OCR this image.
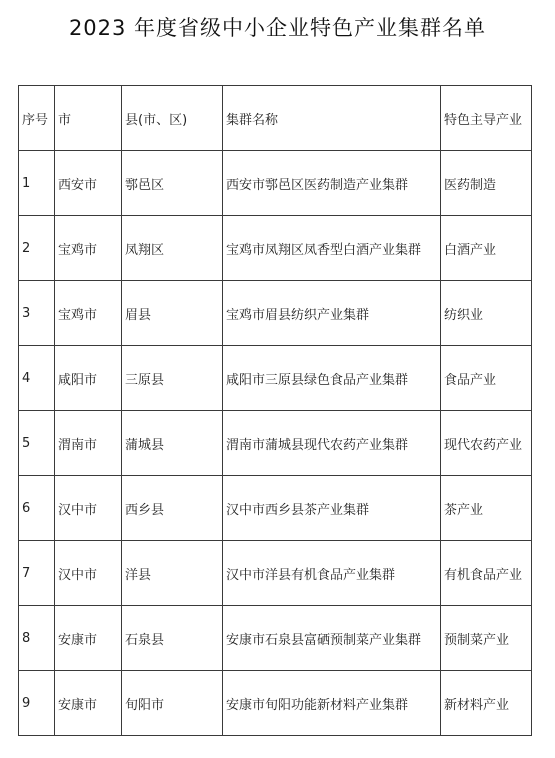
2023 年度省级中小企业特色产业集群名单
序号	市	县(市、区)	集群名称	特色主导产业
1	西安市	鄠邑区	西安市鄠邑区医药制造产业集群	医药制造
2	宝鸡市	凤翔区	宝鸡市凤翔区凤香型白酒产业集群	白酒产业
3	宝鸡市	眉县	宝鸡市眉县纺织产业集群	纺织业
4	咸阳市	三原县	咸阳市三原县绿色食品产业集群	食品产业
5	渭南市	蒲城县	渭南市蒲城县现代农药产业集群	现代农药产业
6	汉中市	西乡县	汉中市西乡县茶产业集群	茶产业
7	汉中市	洋县	汉中市洋县有机食品产业集群	有机食品产业
8	安康市	石泉县	安康市石泉县富硒预制菜产业集群	预制菜产业
9	安康市	旬阳市	安康市旬阳功能新材料产业集群	新材料产业
